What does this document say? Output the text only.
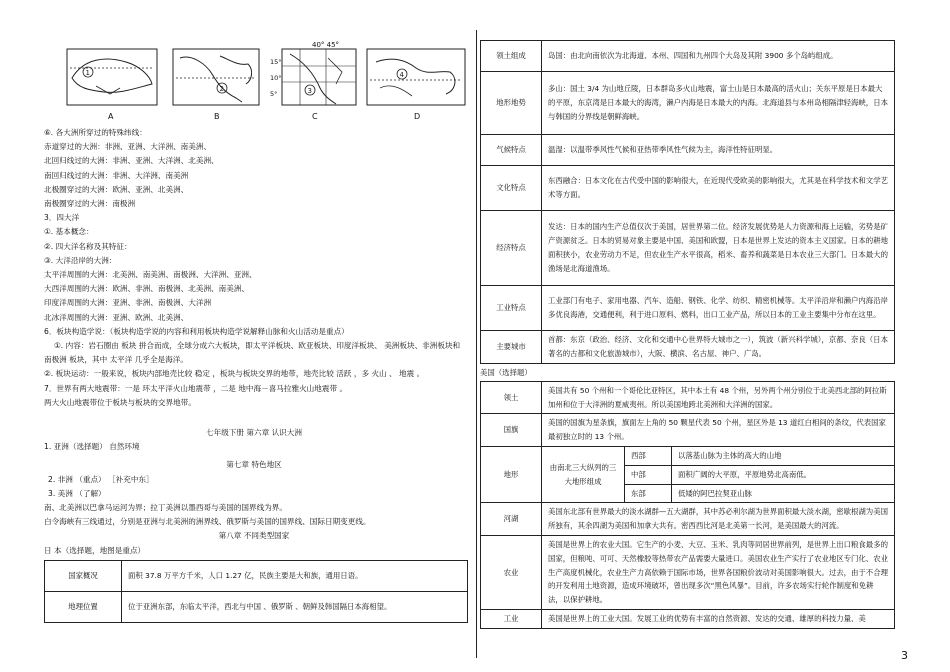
1
2	3
40° 45°
15°
10°
5°
4
A	B	C	D
⑥. 各大洲所穿过的特殊纬线：
赤道穿过的大洲：非洲、亚洲、大洋洲、南美洲、
北回归线过的大洲：非洲、亚洲、大洋洲、北美洲、
南回归线过的大洲：非洲、大洋洲、南美洲
北极圈穿过的大洲：欧洲、亚洲、北美洲、
南极圈穿过的大洲：南极洲
3．四大洋
①. 基本概念：
②. 四大洋名称及其特征：
③. 大洋沿岸的大洲：
太平洋周围的大洲：北美洲、南美洲、南极洲、大洋洲、亚洲、
大西洋周围的大洲：欧洲、非洲、南极洲、北美洲、南美洲、
印度洋周围的大洲：亚洲、非洲、南极洲、大洋洲
北冰洋周围的大洲：亚洲、欧洲、北美洲、
6．板块构造学说：（板块构造学说的内容和利用板块构造学说解释山脉和火山活动是重点）
①. 内容：岩石圈由 板块 拼合而成，全球分成六大板块，即太平洋板块、欧亚板块、印度洋板块、 美洲板块、非洲板块和 南极洲 板块，其中 太平洋 几乎全是海洋。
②. 板块运动：一般来说，板块内部地壳比较 稳定 ，板块与板块交界的地带，地壳比较 活跃 ，多 火山 、 地震 。
7．世界有两大地震带：一是 环太平洋火山地震带 ，二是 地中海－喜马拉雅火山地震带 。
两大火山地震带位于板块与板块的交界地带。
七年级下册 第六章 认识大洲
1. 亚洲（选择题） 自然环境
第七章 特色地区
2. 非洲 （重点） ［补充中东］
3. 美洲 （了解）
南、北美洲以巴拿马运河为界；拉丁美洲以墨西哥与美国的国界线为界。
白令海峡有三线通过，分别是亚洲与北美洲的洲界线、俄罗斯与美国的国界线、国际日期变更线。
第八章 不同类型国家
日 本（选择题，地图是重点）
国家概况	面积 37.8 万平方千米，人口 1.27 亿，民族主要是大和族，通用日语。
地理位置	位于亚洲东部，东临太平洋，西北与中国 、俄罗斯 、朝鲜及韩国隔日本海相望。
领土组成	岛国：由北向南依次为北海道、本州、四国和九州四个大岛及其附 3900 多个岛屿组成。
地形地势	多山：国土 3/4 为山地丘陵，日本群岛多火山地震，富士山是日本最高的活火山；关东平原是日本最大的平原，东京湾是日本最大的海湾，濑户内海是日本最大的内海。北海道县与本州岛相隔津轻海峡，日本与韩国的分界线是朝鲜海峡。
气候特点	温湿：以温带季风性气候和亚热带季风性气候为主，海洋性特征明显。
文化特点	东西融合：日本文化在古代受中国的影响很大，在近现代受欧美的影响很大，尤其是在科学技术和文学艺术等方面。
经济特点	发达：日本的国内生产总值仅次于美国，居世界第二位。经济发展优势是人力资源和海上运输，劣势是矿产资源贫乏。日本的贸易对象主要是中国、美国和欧盟，日本是世界上发达的资本主义国家。日本的耕地面积狭小，农业劳动力不足，但农业生产水平很高，稻米、畜养和蔬菜是日本农业三大部门。日本最大的渔场是北海道渔场。
工业特点	工业部门有电子、家用电器、汽车、造船、钢铁、化学、纺织、精密机械等。太平洋沿岸和濑户内海沿岸多优良海港，交通便利，利于进口原料、燃料，出口工业产品，所以日本的工业主要集中分布在这里。
主要城市	首都：东京（政治、经济、文化和交通中心世界特大城市之一），筑波（新兴科学城），京都、奈良（日本著名的古都和文化旅游城市），大阪、横滨、名古屋、神户、广岛。
美国（选择题）
领土	美国共有 50 个州和一个哥伦比亚特区，其中本土有 48 个州，另外两个州分别位于北美西北部的阿拉斯加州和位于大洋洲的夏威夷州。所以美国地跨北美洲和大洋洲的国家。		
国旗	美国的国旗为星条旗，旗面左上角的 50 颗星代表 50 个州，星区外是 13 道红白相间的条纹，代表国家最初独立时的 13 个州。		
地形	由南北三大纵列的三大地形组成	西部	以落基山脉为主体的高大的山地
		中部	面积广阔的大平原，平原地势北高南低。
		东部	低矮的阿巴拉契亚山脉
河湖	美国东北部有世界最大的淡水湖群—五大湖群，其中苏必利尔湖为世界面积最大淡水湖，密歇根湖为美国所独有，其余四湖为美国和加拿大共有。密西西比河是北美第一长河，是美国最大的河流。		
农业	美国是世界上的农业大国。它生产的小麦、大豆、玉米、乳肉等同居世界前列，是世界上出口粮食最多的国家，但粮吨、可可、天然橡胶等热带农产品需要大量进口。美国农业生产实行了农业地区专门化、农业生产高度机械化，农业生产力高依赖于国际市场，世界各国粮价波动对美国影响很大。过去，由于不合理的开发利用土地资源，造成环境破坏，曾出现多次“黑色风暴”。目前，许多农场实行轮作制度和免耕法，以保护耕地。		
工业	美国是世界上的工业大国。发展工业的优势有丰富的自然资源、发达的交通、雄厚的科技力量、美		
3
